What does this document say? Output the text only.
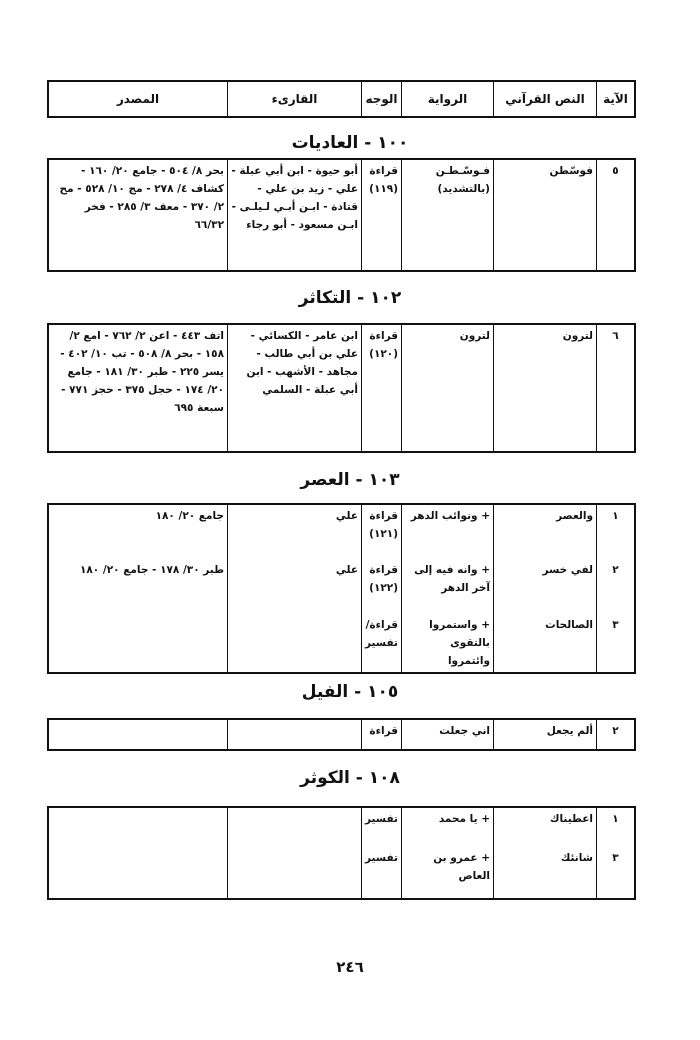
الآية	النص القرآني	الرواية	الوجه	القارىء	المصدر
١٠٠ - العاديات
٥	فوسّطن	فـوسّـطـن (بالتشديد)	قراءة (١١٩)	أبو حيوة - ابن أبي عبلة - علي - زيد بن علي - قتادة - ابـن أبـي لـيلـى - ابـن مسعود - أبو رجاء	بحر ٨/ ٥٠٤ - جامع ٢٠/ ١٦٠ - كشاف ٤/ ٢٧٨ - مج ١٠/ ٥٢٨ - مح ٢/ ٣٧٠ - معف ٣/ ٢٨٥ - فخر ٦٦/٣٢
١٠٢ - التكاثر
٦	لترون	لترون	قراءة (١٢٠)	ابن عامر - الكسائي - علي بن أبي طالب - مجاهد - الأشهب - ابن أبي عبلة - السلمي	اتف ٤٤٣ - اعن ٢/ ٧٦٢ - امع ٢/ ١٥٨ - بحر ٨/ ٥٠٨ - تب ١٠/ ٤٠٢ - يسر ٢٢٥ - طبر ٣٠/ ١٨١ - جامع ٢٠/ ١٧٤ - حجل ٣٧٥ - حجز ٧٧١ - سبعة ٦٩٥
١٠٣ - العصر
١	والعصر	+ ونوائب الدهر	قراءة (١٢١)	علي	جامع ٢٠/ ١٨٠
٢	لفي خسر	+ وانه فيه إلى آخر الدهر	قراءة (١٢٢)	علي	طبر ٣٠/ ١٧٨ - جامع ٢٠/ ١٨٠
٣	الصالحات	+ واستمروا بالتقوى وائتمروا	قراءة/ تفسير		
١٠٥ - الفيل
٢	ألم يجعل	اني جعلت	قراءة		
١٠٨ - الكوثر
١	اعطيناك	+ يا محمد	تفسير		
٣	شانئك	+ عمرو بن العاص	تفسير		
٢٤٦
